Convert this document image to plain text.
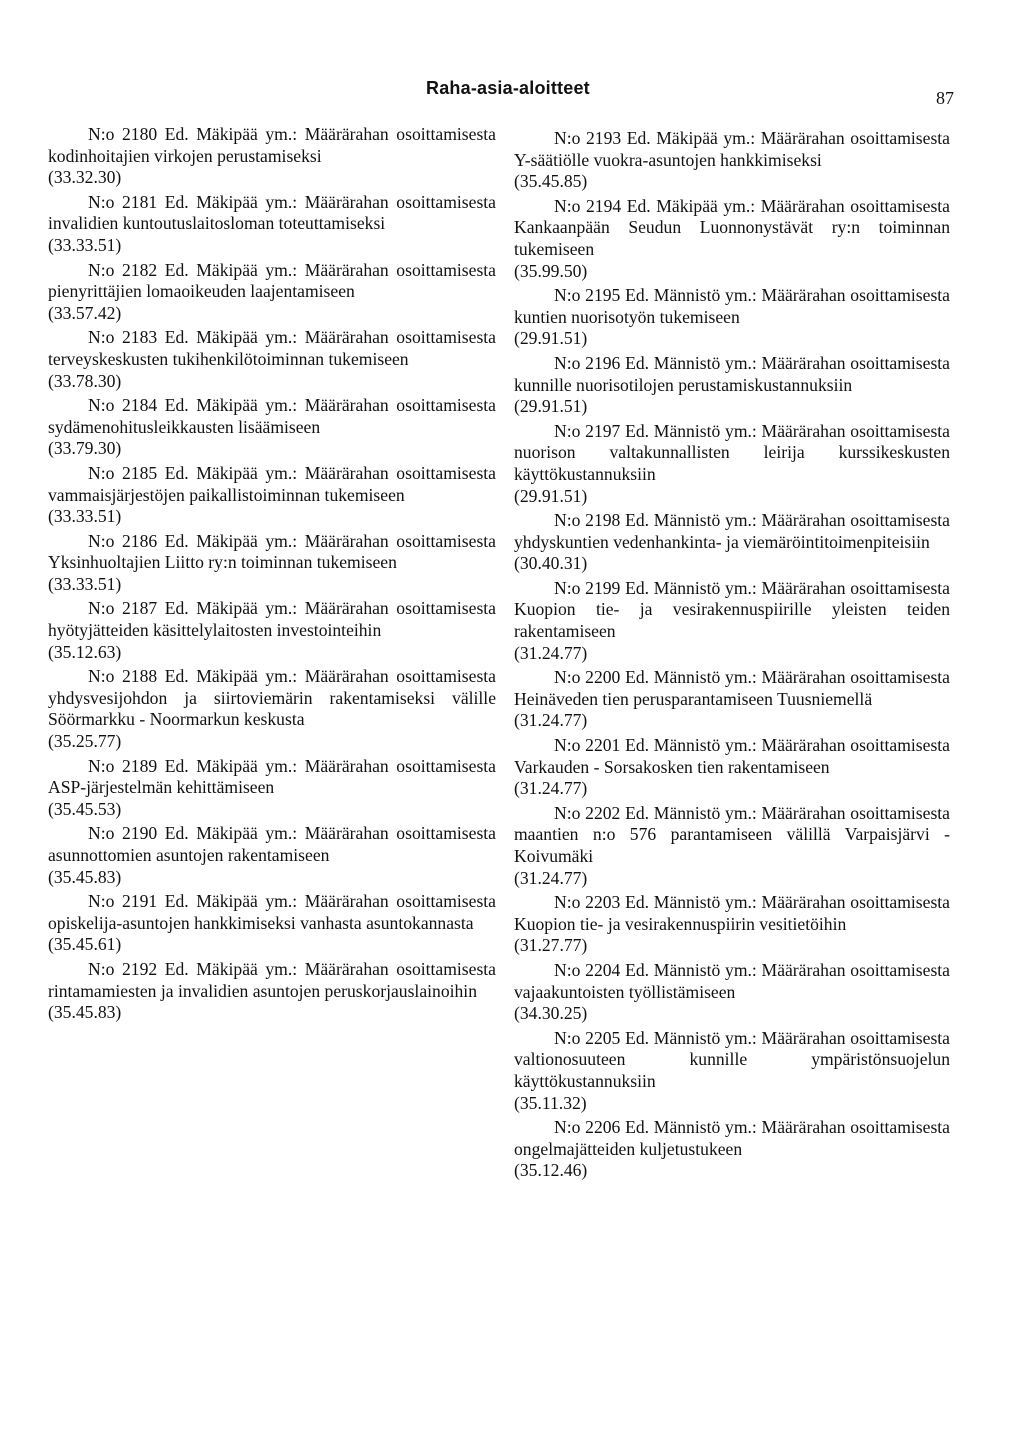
Raha-asia-aloitteet	87

N:o 2180 Ed. Mäkipää ym.: Määrärahan osoittamisesta kodinhoitajien virkojen perustamiseksi

(33.32.30)

N:o 2181 Ed. Mäkipää ym.: Määrärahan osoittamisesta invalidien kuntoutuslaitosloman toteuttamiseksi

(33.33.51)

N:o 2182 Ed. Mäkipää ym.: Määrärahan osoittamisesta pienyrittäjien lomaoikeuden laajentamiseen

(33.57.42)

N:o 2183 Ed. Mäkipää ym.: Määrärahan osoittamisesta terveyskeskusten tukihenkilötoiminnan tukemiseen

(33.78.30)

N:o 2184 Ed. Mäkipää ym.: Määrärahan osoittamisesta sydämenohitusleikkausten lisäämiseen

(33.79.30)

N:o 2185 Ed. Mäkipää ym.: Määrärahan osoittamisesta vammaisjärjestöjen paikallistoiminnan tukemiseen

(33.33.51)

N:o 2186 Ed. Mäkipää ym.: Määrärahan osoittamisesta Yksinhuoltajien Liitto ry:n toiminnan tukemiseen

(33.33.51)

N:o 2187 Ed. Mäkipää ym.: Määrärahan osoittamisesta hyötyjätteiden käsittelylaitosten investointeihin

(35.12.63)

N:o 2188 Ed. Mäkipää ym.: Määrärahan osoittamisesta yhdysvesijohdon ja siirtoviemärin rakentamiseksi välille Söörmarkku - Noormarkun keskusta

(35.25.77)

N:o 2189 Ed. Mäkipää ym.: Määrärahan osoittamisesta ASP-järjestelmän kehittämiseen

(35.45.53)

N:o 2190 Ed. Mäkipää ym.: Määrärahan osoittamisesta asunnottomien asuntojen rakentamiseen

(35.45.83)

N:o 2191 Ed. Mäkipää ym.: Määrärahan osoittamisesta opiskelija-asuntojen hankkimiseksi vanhasta asuntokannasta

(35.45.61)

N:o 2192 Ed. Mäkipää ym.: Määrärahan osoittamisesta rintamamiesten ja invalidien asuntojen peruskorjauslainoihin

(35.45.83)

N:o 2193 Ed. Mäkipää ym.: Määrärahan osoittamisesta Y-säätiölle vuokra-asuntojen hankkimiseksi

(35.45.85)

N:o 2194 Ed. Mäkipää ym.: Määrärahan osoittamisesta Kankaanpään Seudun Luonnonystävät ry:n toiminnan tukemiseen

(35.99.50)

N:o 2195 Ed. Männistö ym.: Määrärahan osoittamisesta kuntien nuorisotyön tukemiseen

(29.91.51)

N:o 2196 Ed. Männistö ym.: Määrärahan osoittamisesta kunnille nuorisotilojen perustamiskustannuksiin

(29.91.51)

N:o 2197 Ed. Männistö ym.: Määrärahan osoittamisesta nuorison valtakunnallisten leirija kurssikeskusten käyttökustannuksiin

(29.91.51)

N:o 2198 Ed. Männistö ym.: Määrärahan osoittamisesta yhdyskuntien vedenhankinta- ja viemäröintitoimenpiteisiin

(30.40.31)

N:o 2199 Ed. Männistö ym.: Määrärahan osoittamisesta Kuopion tie- ja vesirakennuspiirille yleisten teiden rakentamiseen

(31.24.77)

N:o 2200 Ed. Männistö ym.: Määrärahan osoittamisesta Heinäveden tien perusparantamiseen Tuusniemellä

(31.24.77)

N:o 2201 Ed. Männistö ym.: Määrärahan osoittamisesta Varkauden - Sorsakosken tien rakentamiseen

(31.24.77)

N:o 2202 Ed. Männistö ym.: Määrärahan osoittamisesta maantien n:o 576 parantamiseen välillä Varpaisjärvi - Koivumäki

(31.24.77)

N:o 2203 Ed. Männistö ym.: Määrärahan osoittamisesta Kuopion tie- ja vesirakennuspiirin vesitietöihin

(31.27.77)

N:o 2204 Ed. Männistö ym.: Määrärahan osoittamisesta vajaakuntoisten työllistämiseen

(34.30.25)

N:o 2205 Ed. Männistö ym.: Määrärahan osoittamisesta valtionosuuteen kunnille ympäristönsuojelun käyttökustannuksiin

(35.11.32)

N:o 2206 Ed. Männistö ym.: Määrärahan osoittamisesta ongelmajätteiden kuljetustukeen

(35.12.46)
